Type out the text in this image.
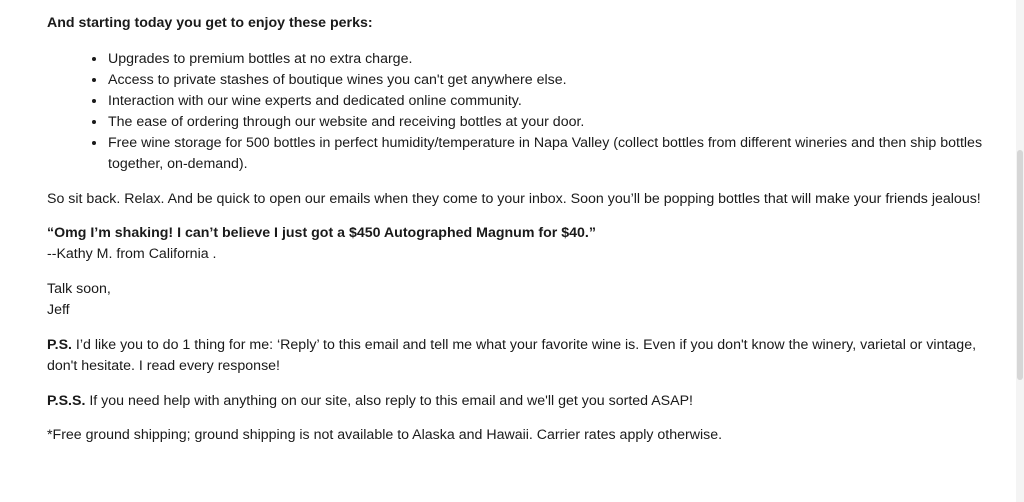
And starting today you get to enjoy these perks:

• Upgrades to premium bottles at no extra charge.
• Access to private stashes of boutique wines you can't get anywhere else.
• Interaction with our wine experts and dedicated online community.
• The ease of ordering through our website and receiving bottles at your door.
• Free wine storage for 500 bottles in perfect humidity/temperature in Napa Valley (collect bottles from different wineries and then ship bottles together, on-demand).

So sit back. Relax. And be quick to open our emails when they come to your inbox. Soon you’ll be popping bottles that will make your friends jealous!

“Omg I’m shaking! I can’t believe I just got a $450 Autographed Magnum for $40.”

--Kathy M. from California .

Talk soon,

Jeff

P.S. I’d like you to do 1 thing for me: ‘Reply’ to this email and tell me what your favorite wine is. Even if you don't know the winery, varietal or vintage, don't hesitate. I read every response!

P.S.S. If you need help with anything on our site, also reply to this email and we'll get you sorted ASAP!

*Free ground shipping; ground shipping is not available to Alaska and Hawaii. Carrier rates apply otherwise.
